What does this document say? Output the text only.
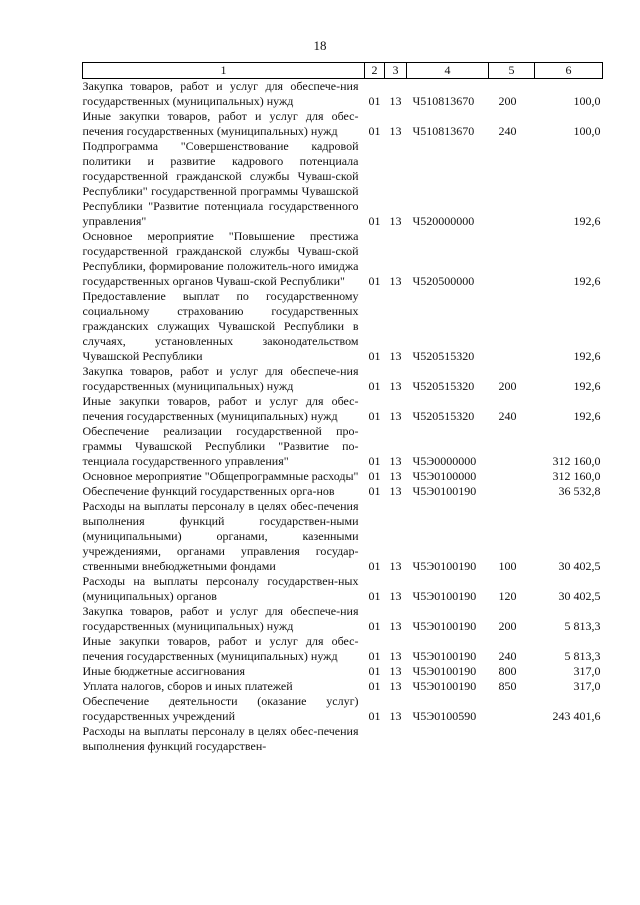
18
1	2	3	4	5	6
Закупка товаров, работ и услуг для обеспече-ния государственных (муниципальных) нужд	01	13	Ч510813670	200	100,0
Иные закупки товаров, работ и услуг для обес-печения государственных (муниципальных) нужд	01	13	Ч510813670	240	100,0
Подпрограмма "Совершенствование кадровой политики и развитие кадрового потенциала государственной гражданской службы Чуваш-ской Республики" государственной программы Чувашской Республики "Развитие потенциала государственного управления"	01	13	Ч520000000		192,6
Основное мероприятие "Повышение престижа государственной гражданской службы Чуваш-ской Республики, формирование положитель-ного имиджа государственных органов Чуваш-ской Республики"	01	13	Ч520500000		192,6
Предоставление выплат по государственному социальному страхованию государственных гражданских служащих Чувашской Республики в случаях, установленных законодательством Чувашской Республики	01	13	Ч520515320		192,6
Закупка товаров, работ и услуг для обеспече-ния государственных (муниципальных) нужд	01	13	Ч520515320	200	192,6
Иные закупки товаров, работ и услуг для обес-печения государственных (муниципальных) нужд	01	13	Ч520515320	240	192,6
Обеспечение реализации государственной про-граммы Чувашской Республики "Развитие по-тенциала государственного управления"	01	13	Ч5Э0000000		312 160,0
Основное мероприятие "Общепрограммные расходы"	01	13	Ч5Э0100000		312 160,0
Обеспечение функций государственных орга-нов	01	13	Ч5Э0100190		36 532,8
Расходы на выплаты персоналу в целях обес-печения выполнения функций государствен-ными (муниципальными) органами, казенными учреждениями, органами управления государ-ственными внебюджетными фондами	01	13	Ч5Э0100190	100	30 402,5
Расходы на выплаты персоналу государствен-ных (муниципальных) органов	01	13	Ч5Э0100190	120	30 402,5
Закупка товаров, работ и услуг для обеспече-ния государственных (муниципальных) нужд	01	13	Ч5Э0100190	200	5 813,3
Иные закупки товаров, работ и услуг для обес-печения государственных (муниципальных) нужд	01	13	Ч5Э0100190	240	5 813,3
Иные бюджетные ассигнования	01	13	Ч5Э0100190	800	317,0
Уплата налогов, сборов и иных платежей	01	13	Ч5Э0100190	850	317,0
Обеспечение деятельности (оказание услуг) государственных учреждений	01	13	Ч5Э0100590		243 401,6
Расходы на выплаты персоналу в целях обес-печения выполнения функций государствен-					
